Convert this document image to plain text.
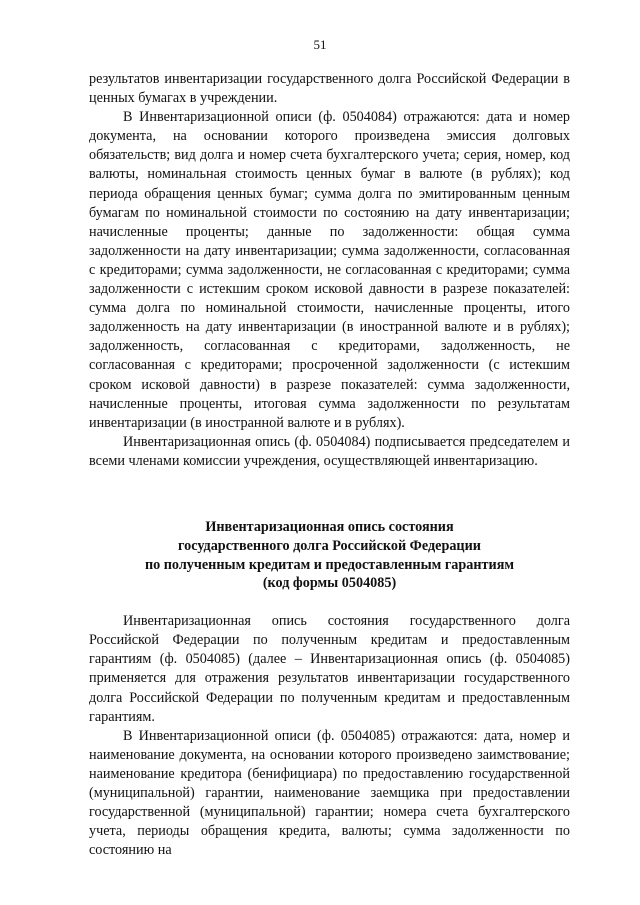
51

результатов инвентаризации государственного долга Российской Федерации в ценных бумагах в учреждении.

В Инвентаризационной описи (ф. 0504084) отражаются: дата и номер документа, на основании которого произведена эмиссия долговых обязательств; вид долга и номер счета бухгалтерского учета; серия, номер, код валюты, номинальная стоимость ценных бумаг в валюте (в рублях); код периода обращения ценных бумаг; сумма долга по эмитированным ценным бумагам по номинальной стоимости по состоянию на дату инвентаризации; начисленные проценты; данные по задолженности: общая сумма задолженности на дату инвентаризации; сумма задолженности, согласованная с кредиторами; сумма задолженности, не согласованная с кредиторами; сумма задолженности с истекшим сроком исковой давности в разрезе показателей: сумма долга по номинальной стоимости, начисленные проценты, итого задолженность на дату инвентаризации (в иностранной валюте и в рублях); задолженность, согласованная с кредиторами, задолженность, не согласованная с кредиторами; просроченной задолженности (с истекшим сроком исковой давности) в разрезе показателей: сумма задолженности, начисленные проценты, итоговая сумма задолженности по результатам инвентаризации (в иностранной валюте и в рублях).

Инвентаризационная опись (ф. 0504084) подписывается председателем и всеми членами комиссии учреждения, осуществляющей инвентаризацию.

Инвентаризационная опись состояния

государственного долга Российской Федерации

по полученным кредитам и предоставленным гарантиям

(код формы 0504085)

Инвентаризационная опись состояния государственного долга Российской Федерации по полученным кредитам и предоставленным гарантиям (ф. 0504085) (далее – Инвентаризационная опись (ф. 0504085) применяется для отражения результатов инвентаризации государственного долга Российской Федерации по полученным кредитам и предоставленным гарантиям.

В Инвентаризационной описи (ф. 0504085) отражаются: дата, номер и наименование документа, на основании которого произведено заимствование; наименование кредитора (бенифициара) по предоставлению государственной (муниципальной) гарантии, наименование заемщика при предоставлении государственной (муниципальной) гарантии; номера счета бухгалтерского учета, периоды обращения кредита, валюты; сумма задолженности по состоянию на
